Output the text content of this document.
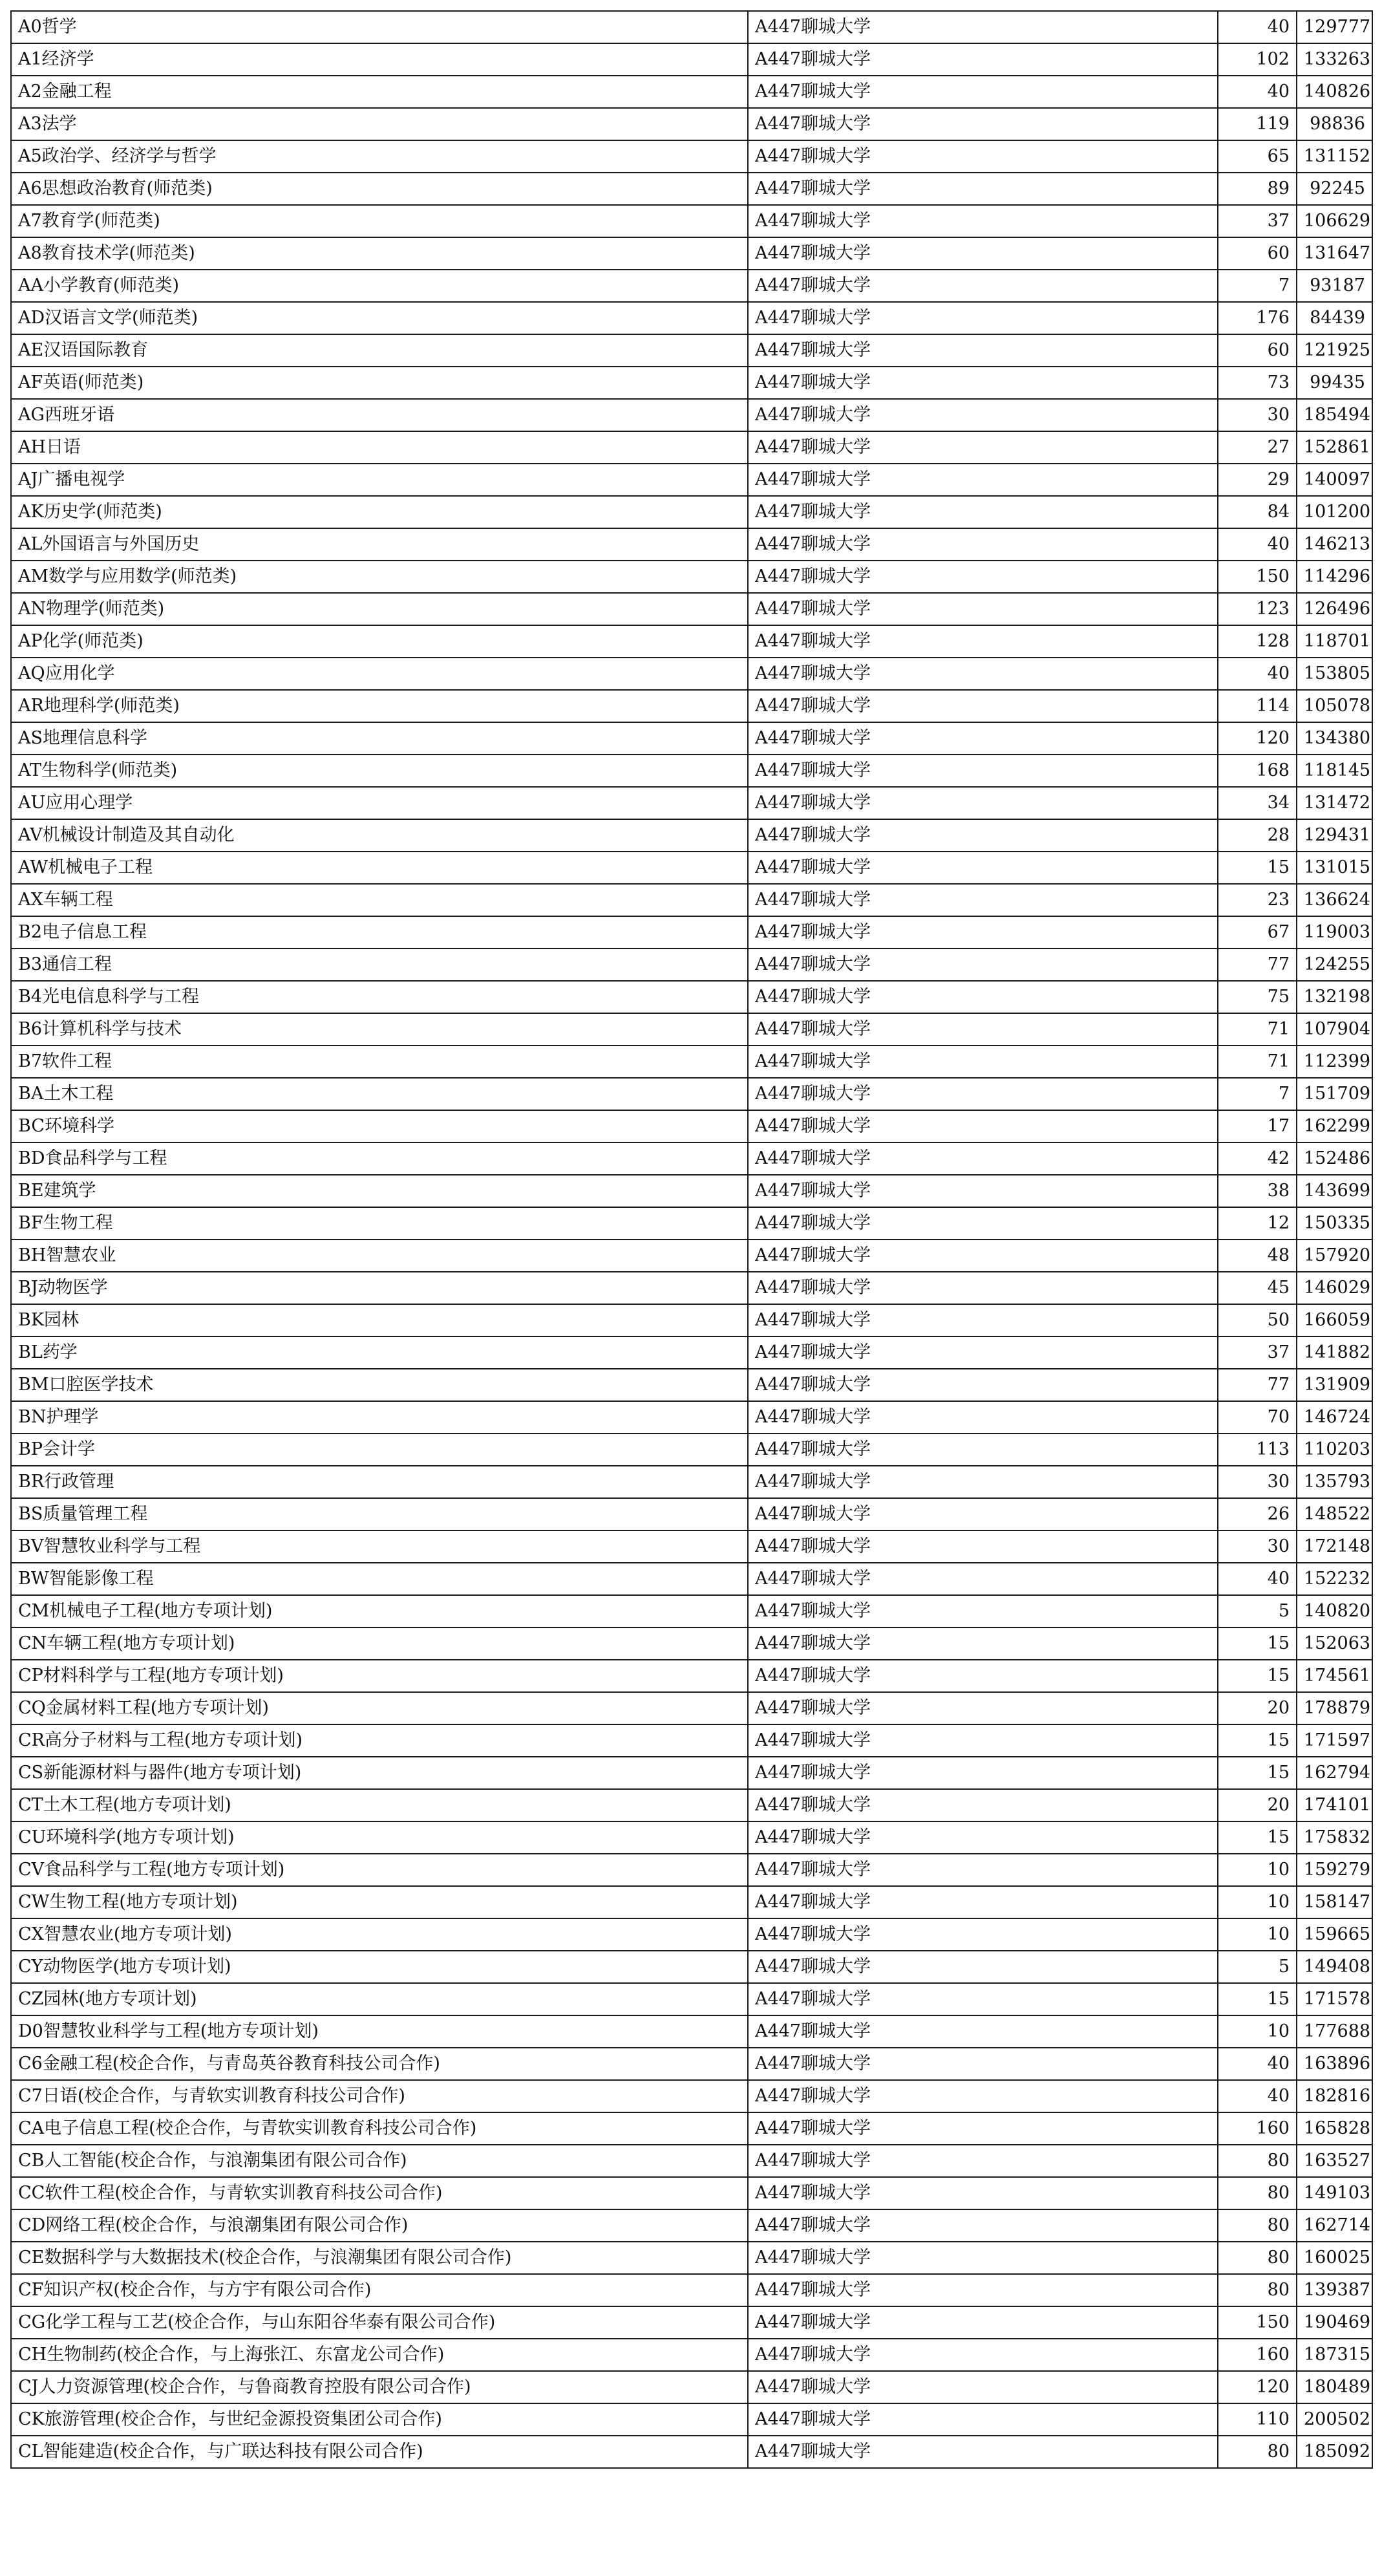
A0哲学	A447聊城大学	40	129777
A1经济学	A447聊城大学	102	133263
A2金融工程	A447聊城大学	40	140826
A3法学	A447聊城大学	119	98836
A5政治学、经济学与哲学	A447聊城大学	65	131152
A6思想政治教育(师范类)	A447聊城大学	89	92245
A7教育学(师范类)	A447聊城大学	37	106629
A8教育技术学(师范类)	A447聊城大学	60	131647
AA小学教育(师范类)	A447聊城大学	7	93187
AD汉语言文学(师范类)	A447聊城大学	176	84439
AE汉语国际教育	A447聊城大学	60	121925
AF英语(师范类)	A447聊城大学	73	99435
AG西班牙语	A447聊城大学	30	185494
AH日语	A447聊城大学	27	152861
AJ广播电视学	A447聊城大学	29	140097
AK历史学(师范类)	A447聊城大学	84	101200
AL外国语言与外国历史	A447聊城大学	40	146213
AM数学与应用数学(师范类)	A447聊城大学	150	114296
AN物理学(师范类)	A447聊城大学	123	126496
AP化学(师范类)	A447聊城大学	128	118701
AQ应用化学	A447聊城大学	40	153805
AR地理科学(师范类)	A447聊城大学	114	105078
AS地理信息科学	A447聊城大学	120	134380
AT生物科学(师范类)	A447聊城大学	168	118145
AU应用心理学	A447聊城大学	34	131472
AV机械设计制造及其自动化	A447聊城大学	28	129431
AW机械电子工程	A447聊城大学	15	131015
AX车辆工程	A447聊城大学	23	136624
B2电子信息工程	A447聊城大学	67	119003
B3通信工程	A447聊城大学	77	124255
B4光电信息科学与工程	A447聊城大学	75	132198
B6计算机科学与技术	A447聊城大学	71	107904
B7软件工程	A447聊城大学	71	112399
BA土木工程	A447聊城大学	7	151709
BC环境科学	A447聊城大学	17	162299
BD食品科学与工程	A447聊城大学	42	152486
BE建筑学	A447聊城大学	38	143699
BF生物工程	A447聊城大学	12	150335
BH智慧农业	A447聊城大学	48	157920
BJ动物医学	A447聊城大学	45	146029
BK园林	A447聊城大学	50	166059
BL药学	A447聊城大学	37	141882
BM口腔医学技术	A447聊城大学	77	131909
BN护理学	A447聊城大学	70	146724
BP会计学	A447聊城大学	113	110203
BR行政管理	A447聊城大学	30	135793
BS质量管理工程	A447聊城大学	26	148522
BV智慧牧业科学与工程	A447聊城大学	30	172148
BW智能影像工程	A447聊城大学	40	152232
CM机械电子工程(地方专项计划)	A447聊城大学	5	140820
CN车辆工程(地方专项计划)	A447聊城大学	15	152063
CP材料科学与工程(地方专项计划)	A447聊城大学	15	174561
CQ金属材料工程(地方专项计划)	A447聊城大学	20	178879
CR高分子材料与工程(地方专项计划)	A447聊城大学	15	171597
CS新能源材料与器件(地方专项计划)	A447聊城大学	15	162794
CT土木工程(地方专项计划)	A447聊城大学	20	174101
CU环境科学(地方专项计划)	A447聊城大学	15	175832
CV食品科学与工程(地方专项计划)	A447聊城大学	10	159279
CW生物工程(地方专项计划)	A447聊城大学	10	158147
CX智慧农业(地方专项计划)	A447聊城大学	10	159665
CY动物医学(地方专项计划)	A447聊城大学	5	149408
CZ园林(地方专项计划)	A447聊城大学	15	171578
D0智慧牧业科学与工程(地方专项计划)	A447聊城大学	10	177688
C6金融工程(校企合作，与青岛英谷教育科技公司合作)	A447聊城大学	40	163896
C7日语(校企合作，与青软实训教育科技公司合作)	A447聊城大学	40	182816
CA电子信息工程(校企合作，与青软实训教育科技公司合作)	A447聊城大学	160	165828
CB人工智能(校企合作，与浪潮集团有限公司合作)	A447聊城大学	80	163527
CC软件工程(校企合作，与青软实训教育科技公司合作)	A447聊城大学	80	149103
CD网络工程(校企合作，与浪潮集团有限公司合作)	A447聊城大学	80	162714
CE数据科学与大数据技术(校企合作，与浪潮集团有限公司合作)	A447聊城大学	80	160025
CF知识产权(校企合作，与方宇有限公司合作)	A447聊城大学	80	139387
CG化学工程与工艺(校企合作，与山东阳谷华泰有限公司合作)	A447聊城大学	150	190469
CH生物制药(校企合作，与上海张江、东富龙公司合作)	A447聊城大学	160	187315
CJ人力资源管理(校企合作，与鲁商教育控股有限公司合作)	A447聊城大学	120	180489
CK旅游管理(校企合作，与世纪金源投资集团公司合作)	A447聊城大学	110	200502
CL智能建造(校企合作，与广联达科技有限公司合作)	A447聊城大学	80	185092
